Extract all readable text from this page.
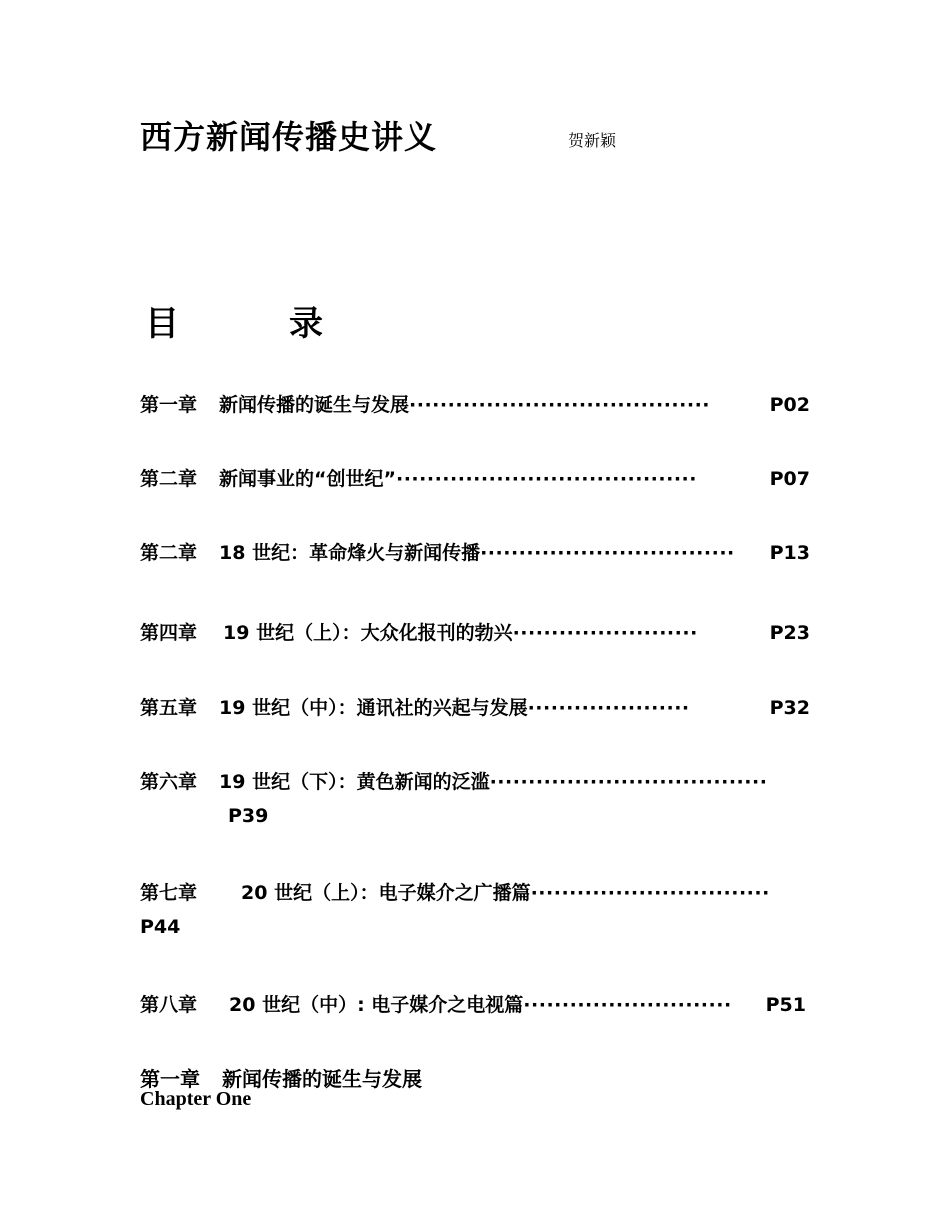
西方新闻传播史讲义	贺新颖
目	录
第一章 新闻传播的诞生与发展 ·······································	P02
第二章 新闻事业的“创世纪” ·······································	P07
第二章 18 世纪：革命烽火与新闻传播 ·································	P13
第四章 19 世纪（上）：大众化报刊的勃兴 ························	P23
第五章 19 世纪（中）：通讯社的兴起与发展 ·····················	P32
第六章 19 世纪（下）：黄色新闻的泛滥 ····································
P39
第七章 20 世纪（上）：电子媒介之广播篇 ·······························
P44
第八章 20 世纪（中）: 电子媒介之电视篇 ···························	P51
第一章 新闻传播的诞生与发展
Chapter One
